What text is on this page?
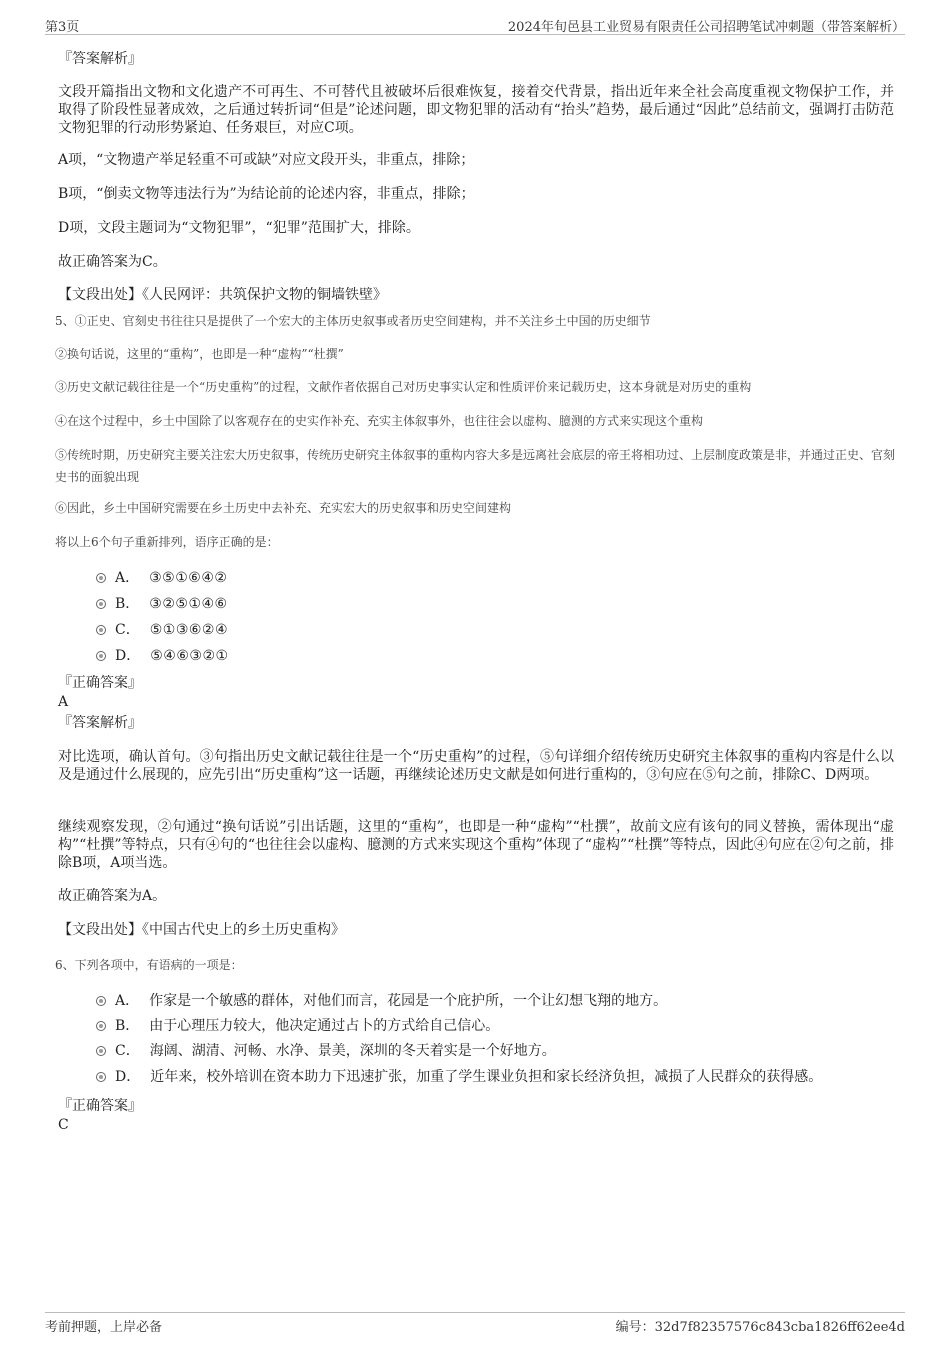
第3页	2024年旬邑县工业贸易有限责任公司招聘笔试冲刺题（带答案解析）
『答案解析』
文段开篇指出文物和文化遗产不可再生、不可替代且被破坏后很难恢复，接着交代背景，指出近年来全社会高度重视文物保护工作，并取得了阶段性显著成效，之后通过转折词“但是”论述问题，即文物犯罪的活动有“抬头”趋势，最后通过“因此”总结前文，强调打击防范文物犯罪的行动形势紧迫、任务艰巨，对应C项。
A项，“文物遗产举足轻重不可或缺”对应文段开头，非重点，排除；
B项，“倒卖文物等违法行为”为结论前的论述内容，非重点，排除；
D项，文段主题词为“文物犯罪”，“犯罪”范围扩大，排除。
故正确答案为C。
【文段出处】《人民网评：共筑保护文物的铜墙铁壁》
5、①正史、官刻史书往往只是提供了一个宏大的主体历史叙事或者历史空间建构，并不关注乡土中国的历史细节
②换句话说，这里的“重构”，也即是一种“虚构”“杜撰”
③历史文献记载往往是一个“历史重构”的过程，文献作者依据自己对历史事实认定和性质评价来记载历史，这本身就是对历史的重构
④在这个过程中，乡土中国除了以客观存在的史实作补充、充实主体叙事外，也往往会以虚构、臆测的方式来实现这个重构
⑤传统时期，历史研究主要关注宏大历史叙事，传统历史研究主体叙事的重构内容大多是远离社会底层的帝王将相功过、上层制度政策是非，并通过正史、官刻史书的面貌出现
⑥因此，乡土中国研究需要在乡土历史中去补充、充实宏大的历史叙事和历史空间建构
将以上6个句子重新排列，语序正确的是：
A． ③⑤①⑥④②
B． ③②⑤①④⑥
C． ⑤①③⑥②④
D． ⑤④⑥③②①
『正确答案』
A
『答案解析』
对比选项，确认首句。③句指出历史文献记载往往是一个“历史重构”的过程，⑤句详细介绍传统历史研究主体叙事的重构内容是什么以及是通过什么展现的，应先引出“历史重构”这一话题，再继续论述历史文献是如何进行重构的，③句应在⑤句之前，排除C、D两项。
继续观察发现，②句通过“换句话说”引出话题，这里的“重构”，也即是一种“虚构”“杜撰”，故前文应有该句的同义替换，需体现出“虚构”“杜撰”等特点，只有④句的“也往往会以虚构、臆测的方式来实现这个重构”体现了“虚构”“杜撰”等特点，因此④句应在②句之前，排除B项，A项当选。
故正确答案为A。
【文段出处】《中国古代史上的乡土历史重构》
6、下列各项中，有语病的一项是：
A． 作家是一个敏感的群体，对他们而言，花园是一个庇护所，一个让幻想飞翔的地方。
B． 由于心理压力较大，他决定通过占卜的方式给自己信心。
C． 海阔、湖清、河畅、水净、景美，深圳的冬天着实是一个好地方。
D． 近年来，校外培训在资本助力下迅速扩张，加重了学生课业负担和家长经济负担，减损了人民群众的获得感。
『正确答案』
C
考前押题，上岸必备	编号：32d7f82357576c843cba1826ff62ee4d
